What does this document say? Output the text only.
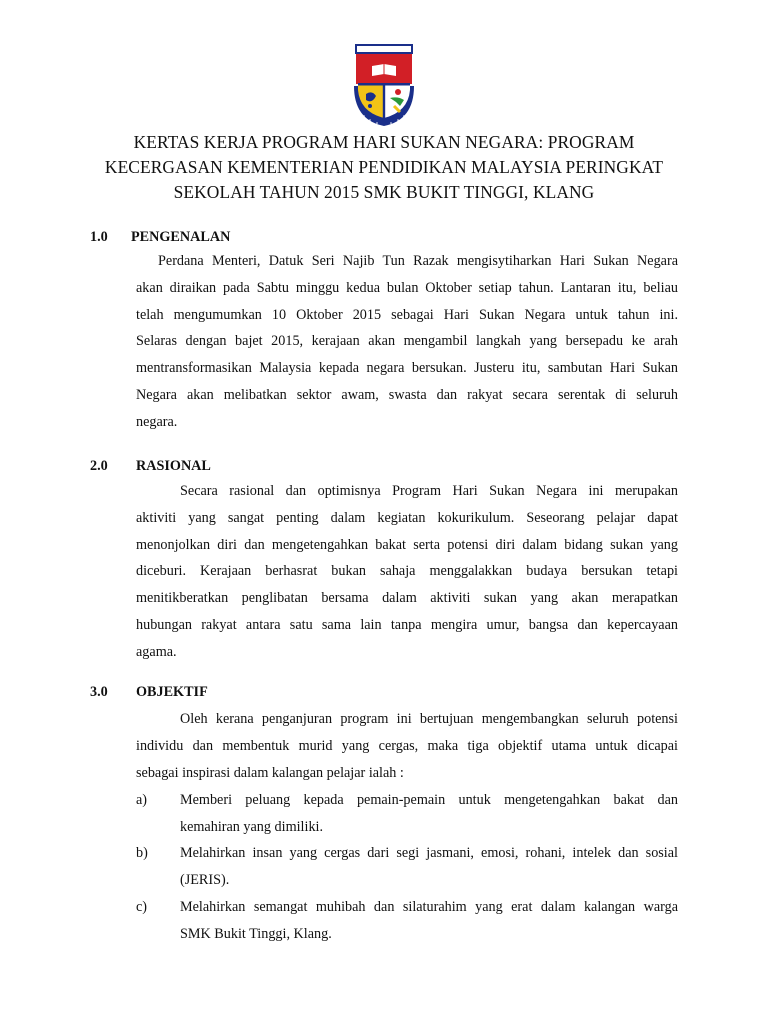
KERTAS KERJA PROGRAM HARI SUKAN NEGARA: PROGRAM
KECERGASAN KEMENTERIAN PENDIDIKAN MALAYSIA PERINGKAT
SEKOLAH TAHUN 2015 SMK BUKIT TINGGI, KLANG
1.0 PENGENALAN
Perdana Menteri, Datuk Seri Najib Tun Razak mengisytiharkan Hari Sukan Negara
akan diraikan pada Sabtu minggu kedua bulan Oktober setiap tahun. Lantaran itu, beliau
telah mengumumkan 10 Oktober 2015 sebagai Hari Sukan Negara untuk tahun ini.
Selaras dengan bajet 2015, kerajaan akan mengambil langkah yang bersepadu ke arah
mentransformasikan Malaysia kepada negara bersukan. Justeru itu, sambutan Hari Sukan
Negara akan melibatkan sektor awam, swasta dan rakyat secara serentak di seluruh
negara.
2.0 RASIONAL
Secara rasional dan optimisnya Program Hari Sukan Negara ini merupakan
aktiviti yang sangat penting dalam kegiatan kokurikulum. Seseorang pelajar dapat
menonjolkan diri dan mengetengahkan bakat serta potensi diri dalam bidang sukan yang
diceburi. Kerajaan berhasrat bukan sahaja menggalakkan budaya bersukan tetapi
menitikberatkan penglibatan bersama dalam aktiviti sukan yang akan merapatkan
hubungan rakyat antara satu sama lain tanpa mengira umur, bangsa dan kepercayaan
agama.
3.0 OBJEKTIF
Oleh kerana penganjuran program ini bertujuan mengembangkan seluruh potensi
individu dan membentuk murid yang cergas, maka tiga objektif utama untuk dicapai
sebagai inspirasi dalam kalangan pelajar ialah :
a) Memberi peluang kepada pemain-pemain untuk mengetengahkan bakat dan
kemahiran yang dimiliki.
b) Melahirkan insan yang cergas dari segi jasmani, emosi, rohani, intelek dan sosial
(JERIS).
c) Melahirkan semangat muhibah dan silaturahim yang erat dalam kalangan warga
SMK Bukit Tinggi, Klang.
